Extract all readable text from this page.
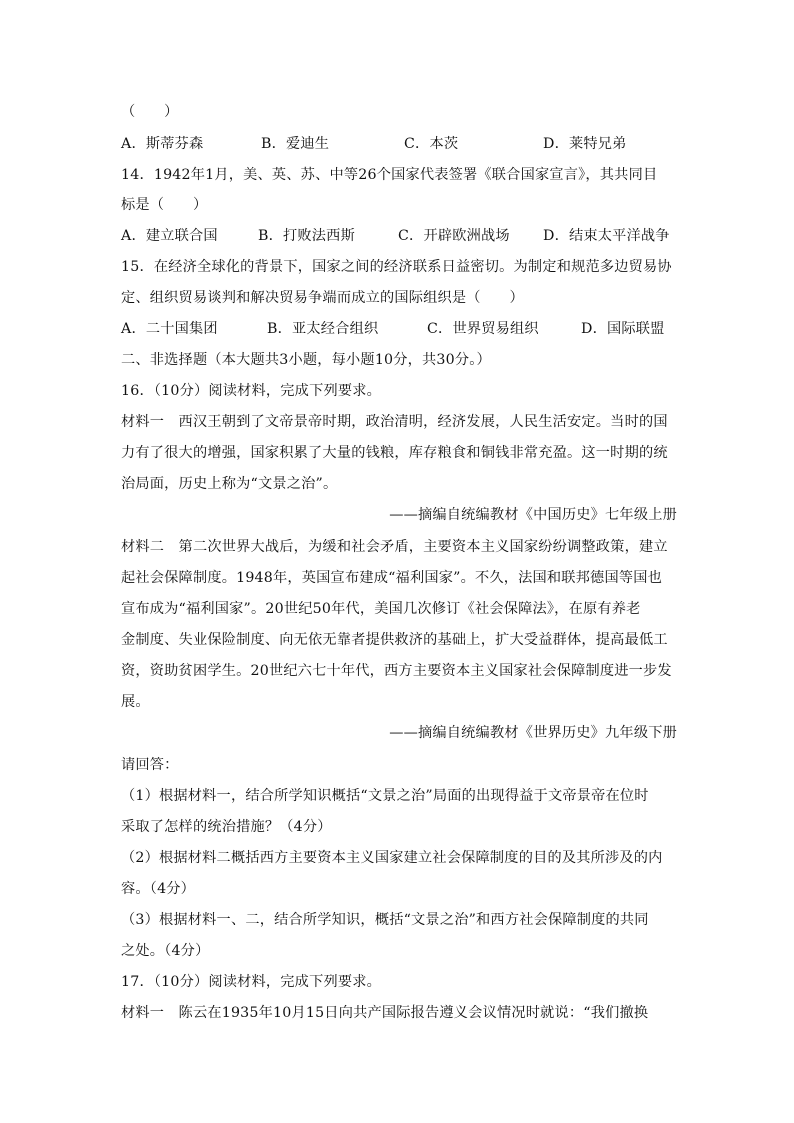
（　　）
A．斯蒂芬森	B．爱迪生	C．本茨	D．莱特兄弟
14．1942年1月，美、英、苏、中等26个国家代表签署《联合国家宣言》，其共同目
标是（　　）
A．建立联合国	B．打败法西斯	C．开辟欧洲战场 D．结束太平洋战争
15．在经济全球化的背景下，国家之间的经济联系日益密切。为制定和规范多边贸易协
定、组织贸易谈判和解决贸易争端而成立的国际组织是（　　）
A．二十国集团	B．亚太经合组织	C．世界贸易组织	D．国际联盟
二、非选择题（本大题共3小题，每小题10分，共30分。）
16．（10分）阅读材料，完成下列要求。
材料一　西汉王朝到了文帝景帝时期，政治清明，经济发展，人民生活安定。当时的国
力有了很大的增强，国家积累了大量的钱粮，库存粮食和铜钱非常充盈。这一时期的统
治局面，历史上称为“文景之治”。
——摘编自统编教材《中国历史》七年级上册
材料二　第二次世界大战后，为缓和社会矛盾，主要资本主义国家纷纷调整政策，建立
起社会保障制度。1948年，英国宣布建成“福利国家”。不久，法国和联邦德国等国也
宣布成为“福利国家”。20世纪50年代，美国几次修订《社会保障法》，在原有养老
金制度、失业保险制度、向无依无靠者提供救济的基础上，扩大受益群体，提高最低工
资，资助贫困学生。20世纪六七十年代，西方主要资本主义国家社会保障制度进一步发
展。
——摘编自统编教材《世界历史》九年级下册
请回答：
（1）根据材料一，结合所学知识概括“文景之治”局面的出现得益于文帝景帝在位时
采取了怎样的统治措施？（4分）
（2）根据材料二概括西方主要资本主义国家建立社会保障制度的目的及其所涉及的内
容。（4分）
（3）根据材料一、二，结合所学知识，概括“文景之治”和西方社会保障制度的共同
之处。（4分）
17．（10分）阅读材料，完成下列要求。
材料一　陈云在1935年10月15日向共产国际报告遵义会议情况时就说：“我们撤换
